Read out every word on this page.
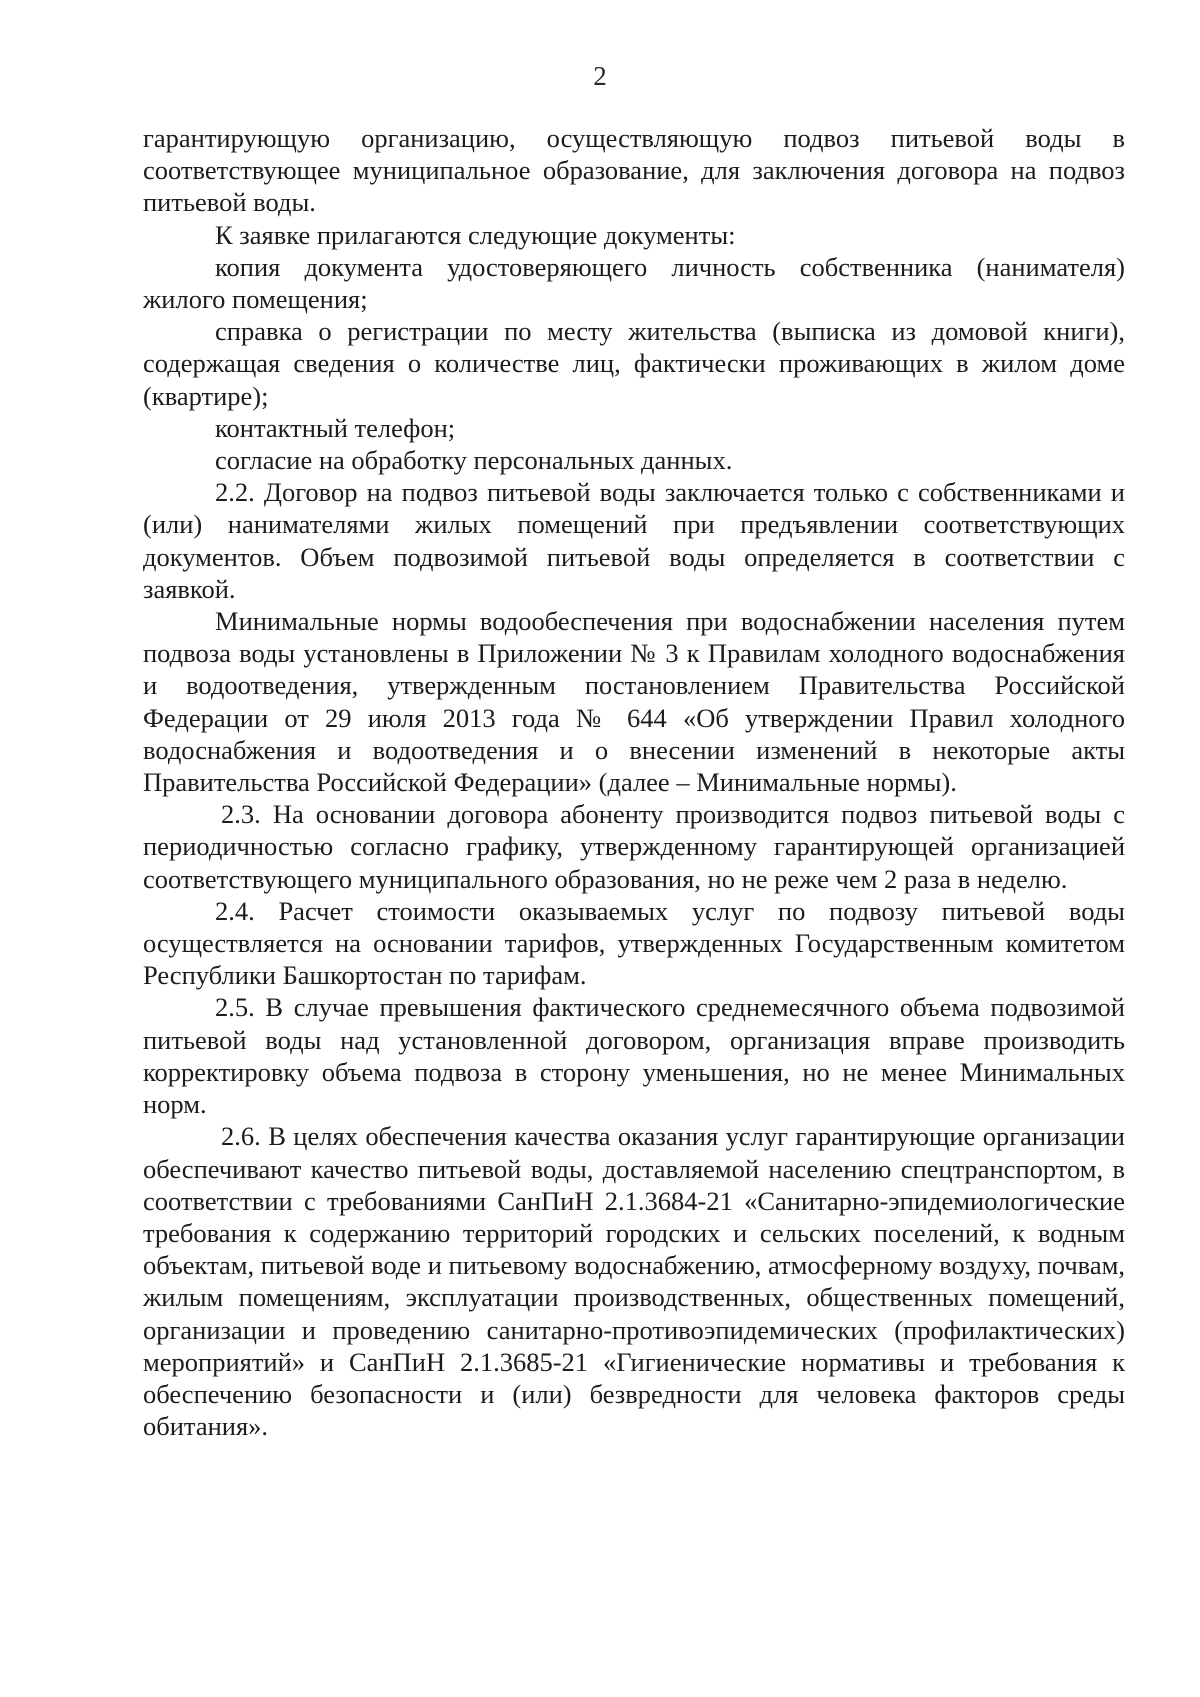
2

гарантирующую организацию, осуществляющую подвоз питьевой воды в соответствующее муниципальное образование, для заключения договора на подвоз питьевой воды.

К заявке прилагаются следующие документы:

копия документа удостоверяющего личность собственника (нанимателя) жилого помещения;

справка о регистрации по месту жительства (выписка из домовой книги), содержащая сведения о количестве лиц, фактически проживающих в жилом доме (квартире);

контактный телефон;

согласие на обработку персональных данных.

2.2. Договор на подвоз питьевой воды заключается только с собственниками и (или) нанимателями жилых помещений при предъявлении соответствующих документов. Объем подвозимой питьевой воды определяется в соответствии с заявкой.

Минимальные нормы водообеспечения при водоснабжении населения путем подвоза воды установлены в Приложении № 3 к Правилам холодного водоснабжения и водоотведения, утвержденным постановлением Правительства Российской Федерации от 29 июля 2013 года № 644 «Об утверждении Правил холодного водоснабжения и водоотведения и о внесении изменений в некоторые акты Правительства Российской Федерации» (далее – Минимальные нормы).

2.3. На основании договора абоненту производится подвоз питьевой воды с периодичностью согласно графику, утвержденному гарантирующей организацией соответствующего муниципального образования, но не реже чем 2 раза в неделю.

2.4. Расчет стоимости оказываемых услуг по подвозу питьевой воды осуществляется на основании тарифов, утвержденных Государственным комитетом Республики Башкортостан по тарифам.

2.5. В случае превышения фактического среднемесячного объема подвозимой питьевой воды над установленной договором, организация вправе производить корректировку объема подвоза в сторону уменьшения, но не менее Минимальных норм.

2.6. В целях обеспечения качества оказания услуг гарантирующие организации обеспечивают качество питьевой воды, доставляемой населению спецтранспортом, в соответствии с требованиями СанПиН 2.1.3684-21 «Санитарно-эпидемиологические требования к содержанию территорий городских и сельских поселений, к водным объектам, питьевой воде и питьевому водоснабжению, атмосферному воздуху, почвам, жилым помещениям, эксплуатации производственных, общественных помещений, организации и проведению санитарно-противоэпидемических (профилактических) мероприятий» и СанПиН 2.1.3685-21 «Гигиенические нормативы и требования к обеспечению безопасности и (или) безвредности для человека факторов среды обитания».
